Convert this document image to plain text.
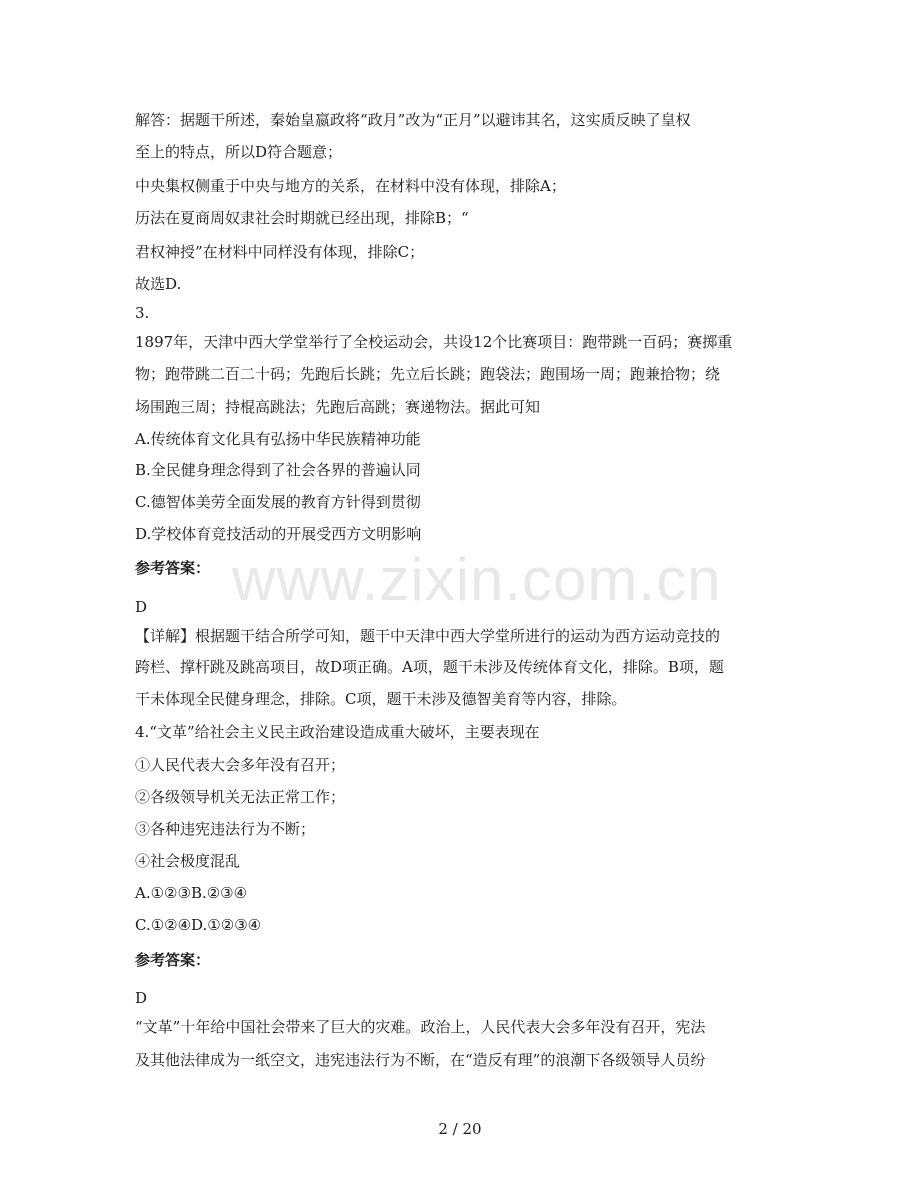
www.zixin.com.cn
解答：据题干所述，秦始皇嬴政将“政月”改为“正月”以避讳其名，这实质反映了皇权
至上的特点，所以D符合题意；
中央集权侧重于中央与地方的关系，在材料中没有体现，排除A；
历法在夏商周奴隶社会时期就已经出现，排除B；“
君权神授”在材料中同样没有体现，排除C；
故选D.
3.
1897年，天津中西大学堂举行了全校运动会，共设12个比赛项目：跑带跳一百码；赛掷重
物；跑带跳二百二十码；先跑后长跳；先立后长跳；跑袋法；跑围场一周；跑兼拾物；绕
场围跑三周；持棍高跳法；先跑后高跳；赛递物法。据此可知
A.传统体育文化具有弘扬中华民族精神功能
B.全民健身理念得到了社会各界的普遍认同
C.德智体美劳全面发展的教育方针得到贯彻
D.学校体育竞技活动的开展受西方文明影响
参考答案：
D
【详解】根据题干结合所学可知，题干中天津中西大学堂所进行的运动为西方运动竞技的
跨栏、撑杆跳及跳高项目，故D项正确。A项，题干未涉及传统体育文化，排除。B项，题
干未体现全民健身理念，排除。C项，题干未涉及德智美育等内容，排除。
4.“文革”给社会主义民主政治建设造成重大破坏，主要表现在
①人民代表大会多年没有召开；
②各级领导机关无法正常工作；
③各种违宪违法行为不断；
④社会极度混乱
A.①②③B.②③④
C.①②④D.①②③④
参考答案：
D
“文革”十年给中国社会带来了巨大的灾难。政治上，人民代表大会多年没有召开，宪法
及其他法律成为一纸空文，违宪违法行为不断，在“造反有理”的浪潮下各级领导人员纷
2 / 20
